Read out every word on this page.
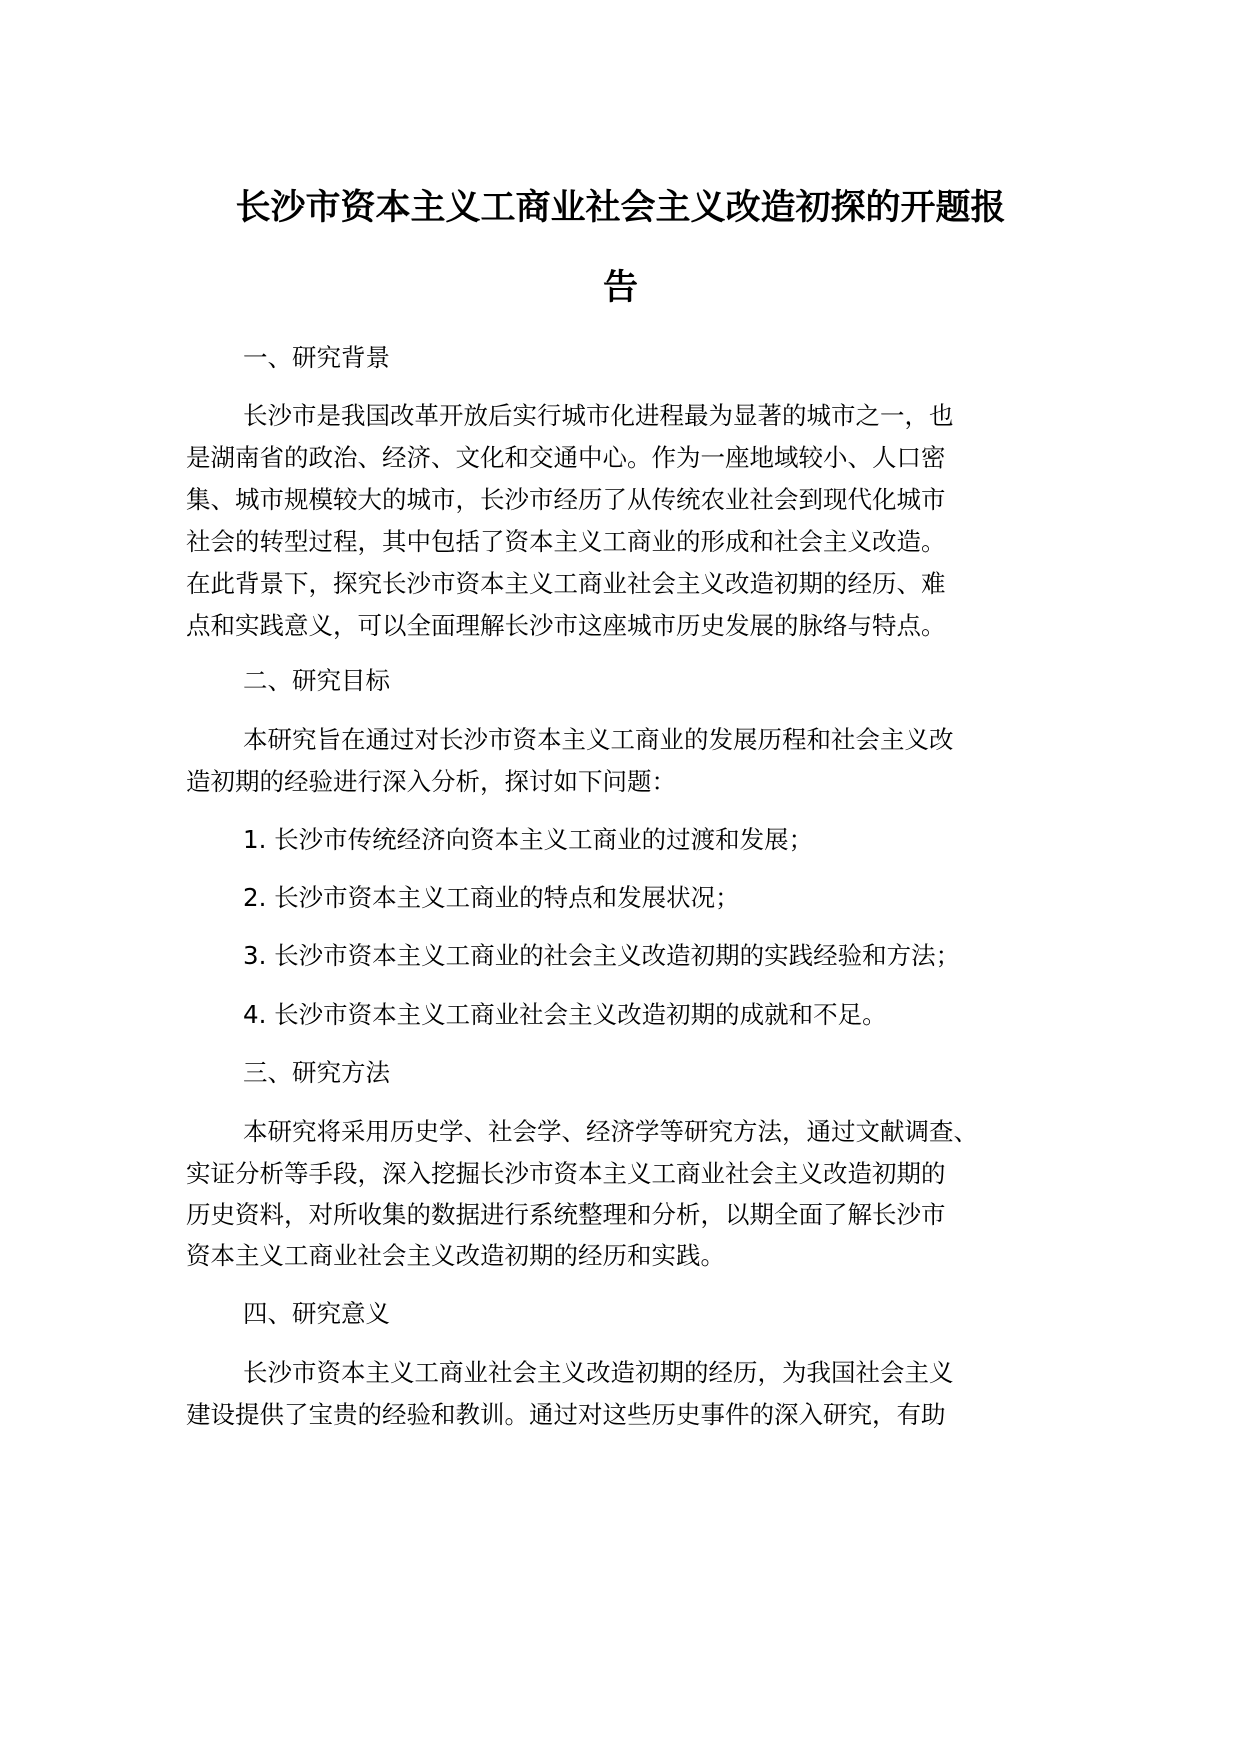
长沙市资本主义工商业社会主义改造初探的开题报
告

一、研究背景

长沙市是我国改革开放后实行城市化进程最为显著的城市之一，也

是湖南省的政治、经济、文化和交通中心。作为一座地域较小、人口密

集、城市规模较大的城市，长沙市经历了从传统农业社会到现代化城市

社会的转型过程，其中包括了资本主义工商业的形成和社会主义改造。

在此背景下，探究长沙市资本主义工商业社会主义改造初期的经历、难

点和实践意义，可以全面理解长沙市这座城市历史发展的脉络与特点。

二、研究目标

本研究旨在通过对长沙市资本主义工商业的发展历程和社会主义改

造初期的经验进行深入分析，探讨如下问题：

1. 长沙市传统经济向资本主义工商业的过渡和发展；

2. 长沙市资本主义工商业的特点和发展状况；

3. 长沙市资本主义工商业的社会主义改造初期的实践经验和方法；

4. 长沙市资本主义工商业社会主义改造初期的成就和不足。

三、研究方法

本研究将采用历史学、社会学、经济学等研究方法，通过文献调查、

实证分析等手段，深入挖掘长沙市资本主义工商业社会主义改造初期的

历史资料，对所收集的数据进行系统整理和分析，以期全面了解长沙市

资本主义工商业社会主义改造初期的经历和实践。

四、研究意义

长沙市资本主义工商业社会主义改造初期的经历，为我国社会主义

建设提供了宝贵的经验和教训。通过对这些历史事件的深入研究，有助
